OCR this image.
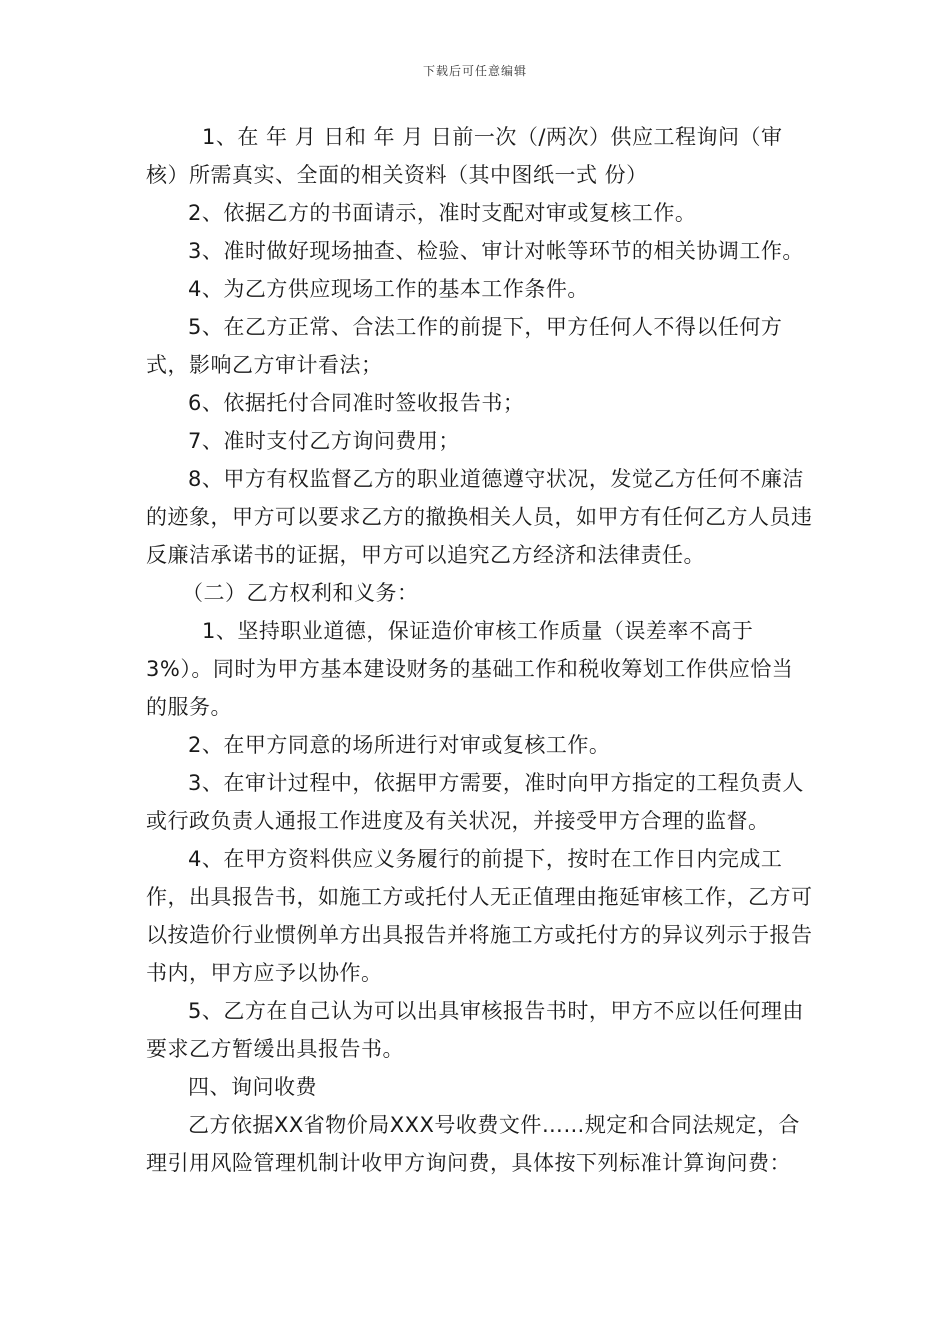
下载后可任意编辑

1、在 年 月 日和 年 月 日前一次（/两次）供应工程询问（审核）所需真实、全面的相关资料（其中图纸一式 份）

2、依据乙方的书面请示，准时支配对审或复核工作。

3、准时做好现场抽查、检验、审计对帐等环节的相关协调工作。

4、为乙方供应现场工作的基本工作条件。

5、在乙方正常、合法工作的前提下，甲方任何人不得以任何方式，影响乙方审计看法；

6、依据托付合同准时签收报告书；

7、准时支付乙方询问费用；

8、甲方有权监督乙方的职业道德遵守状况，发觉乙方任何不廉洁的迹象，甲方可以要求乙方的撤换相关人员，如甲方有任何乙方人员违反廉洁承诺书的证据，甲方可以追究乙方经济和法律责任。

（二）乙方权利和义务：

1、坚持职业道德，保证造价审核工作质量（误差率不高于3%）。同时为甲方基本建设财务的基础工作和税收筹划工作供应恰当的服务。

2、在甲方同意的场所进行对审或复核工作。

3、在审计过程中，依据甲方需要，准时向甲方指定的工程负责人或行政负责人通报工作进度及有关状况，并接受甲方合理的监督。

4、在甲方资料供应义务履行的前提下，按时在工作日内完成工作，出具报告书，如施工方或托付人无正值理由拖延审核工作，乙方可以按造价行业惯例单方出具报告并将施工方或托付方的异议列示于报告书内，甲方应予以协作。

5、乙方在自己认为可以出具审核报告书时，甲方不应以任何理由要求乙方暂缓出具报告书。

四、询问收费

乙方依据XX省物价局XXX号收费文件……规定和合同法规定，合理引用风险管理机制计收甲方询问费，具体按下列标准计算询问费：
